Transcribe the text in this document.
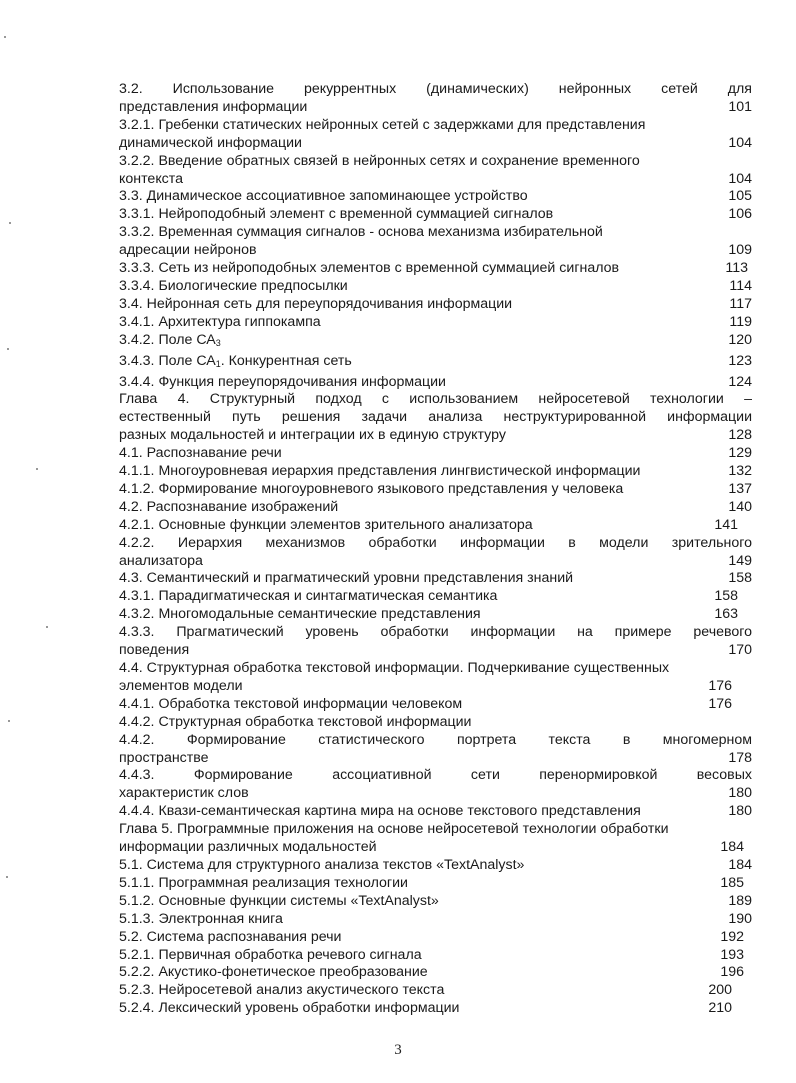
3.2. Использование рекуррентных (динамических) нейронных сетей для
представления информации	101
3.2.1. Гребенки статических нейронных сетей с задержками для представления
динамической информации	104
3.2.2. Введение обратных связей в нейронных сетях и сохранение временного
контекста	104
3.3. Динамическое ассоциативное запоминающее устройство	105
3.3.1. Нейроподобный элемент с временной суммацией сигналов	106
3.3.2. Временная суммация сигналов - основа механизма избирательной
адресации нейронов	109
3.3.3. Сеть из нейроподобных элементов с временной суммацией сигналов	113
3.3.4. Биологические предпосылки	114
3.4. Нейронная сеть для переупорядочивания информации	117
3.4.1. Архитектура гиппокампа	119
3.4.2. Поле $СА_3$	120
3.4.3. Поле $СА_1$. Конкурентная сеть	123
3.4.4. Функция переупорядочивания информации	124
Глава 4. Структурный подход с использованием нейросетевой технологии –
естественный путь решения задачи анализа неструктурированной информации
разных модальностей и интеграции их в единую структуру	128
4.1. Распознавание речи	129
4.1.1. Многоуровневая иерархия представления лингвистической информации	132
4.1.2. Формирование многоуровневого языкового представления у человека	137
4.2. Распознавание изображений	140
4.2.1. Основные функции элементов зрительного анализатора	141
4.2.2. Иерархия механизмов обработки информации в модели зрительного
анализатора	149
4.3. Семантический и прагматический уровни представления знаний	158
4.3.1. Парадигматическая и синтагматическая семантика	158
4.3.2. Многомодальные семантические представления	163
4.3.3. Прагматический уровень обработки информации на примере речевого
поведения	170
4.4. Структурная обработка текстовой информации. Подчеркивание существенных
элементов модели	176
4.4.1. Обработка текстовой информации человеком	176
4.4.2. Структурная обработка текстовой информации
4.4.2. Формирование статистического портрета текста в многомерном
пространстве	178
4.4.3. Формирование ассоциативной сети перенормировкой весовых
характеристик слов	180
4.4.4. Квази-семантическая картина мира на основе текстового представления	180
Глава 5. Программные приложения на основе нейросетевой технологии обработки
информации различных модальностей	184
5.1. Система для структурного анализа текстов «TextAnalyst»	184
5.1.1. Программная реализация технологии	185
5.1.2. Основные функции системы «TextAnalyst»	189
5.1.3. Электронная книга	190
5.2. Система распознавания речи	192
5.2.1. Первичная обработка речевого сигнала	193
5.2.2. Акустико-фонетическое преобразование	196
5.2.3. Нейросетевой анализ акустического текста	200
5.2.4. Лексический уровень обработки информации	210
3
